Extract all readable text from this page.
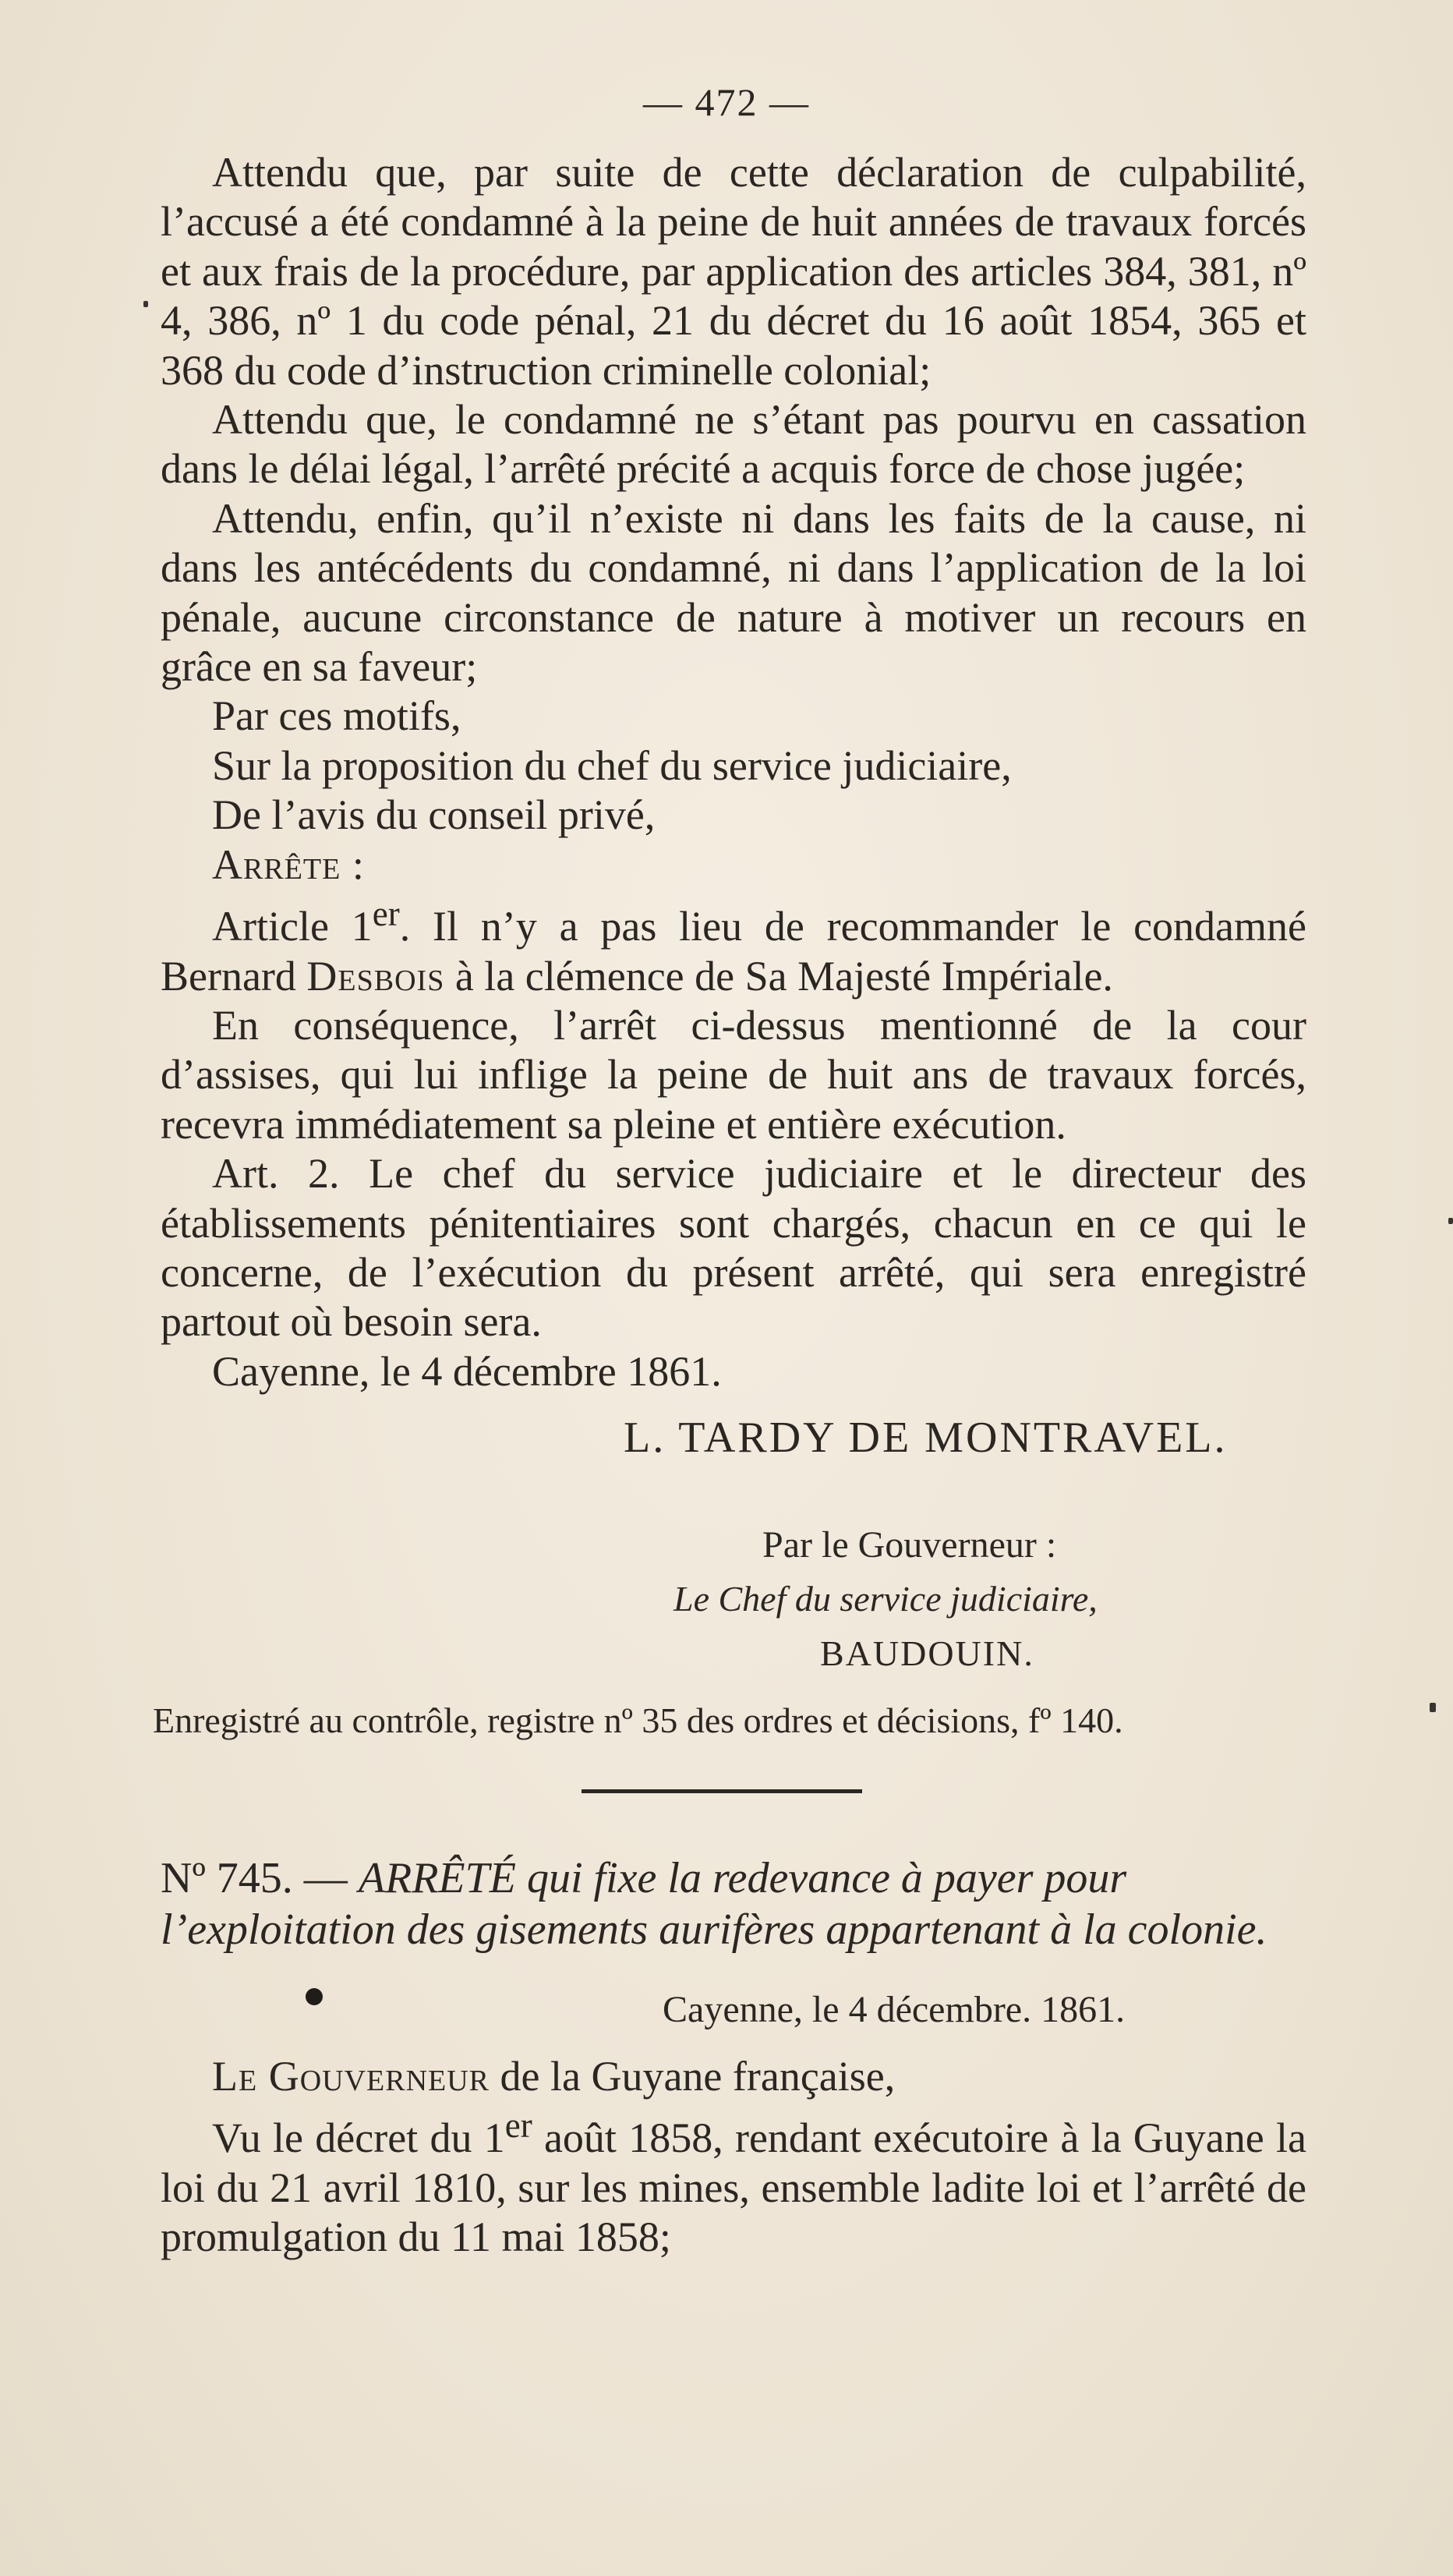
— 472 —

Attendu que, par suite de cette déclaration de culpabilité, l’accusé a été condamné à la peine de huit années de travaux forcés et aux frais de la procédure, par application des articles 384, 381, nº 4, 386, nº 1 du code pénal, 21 du décret du 16 août 1854, 365 et 368 du code d’instruction criminelle colonial;

Attendu que, le condamné ne s’étant pas pourvu en cassation dans le délai légal, l’arrêté précité a acquis force de chose jugée;

Attendu, enfin, qu’il n’existe ni dans les faits de la cause, ni dans les antécédents du condamné, ni dans l’application de la loi pénale, aucune circonstance de nature à motiver un recours en grâce en sa faveur;

Par ces motifs,

Sur la proposition du chef du service judiciaire,

De l’avis du conseil privé,

Arrête :

Article 1er. Il n’y a pas lieu de recommander le condamné Bernard Desbois à la clémence de Sa Majesté Impériale.

En conséquence, l’arrêt ci-dessus mentionné de la cour d’assises, qui lui inflige la peine de huit ans de travaux forcés, recevra immédiatement sa pleine et entière exécution.

Art. 2. Le chef du service judiciaire et le directeur des établissements pénitentiaires sont chargés, chacun en ce qui le concerne, de l’exécution du présent arrêté, qui sera enregistré partout où besoin sera.

Cayenne, le 4 décembre 1861.

L. TARDY DE MONTRAVEL.
Par le Gouverneur :
Le Chef du service judiciaire,
BAUDOUIN.
Enregistré au contrôle, registre nº 35 des ordres et décisions, fº 140.
Nº 745. — ARRÊTÉ qui fixe la redevance à payer pour l’exploitation des gisements aurifères appartenant à la colonie.
Cayenne, le 4 décembre. 1861.

Le Gouverneur de la Guyane française,

Vu le décret du 1er août 1858, rendant exécutoire à la Guyane la loi du 21 avril 1810, sur les mines, ensemble ladite loi et l’arrêté de promulgation du 11 mai 1858;
